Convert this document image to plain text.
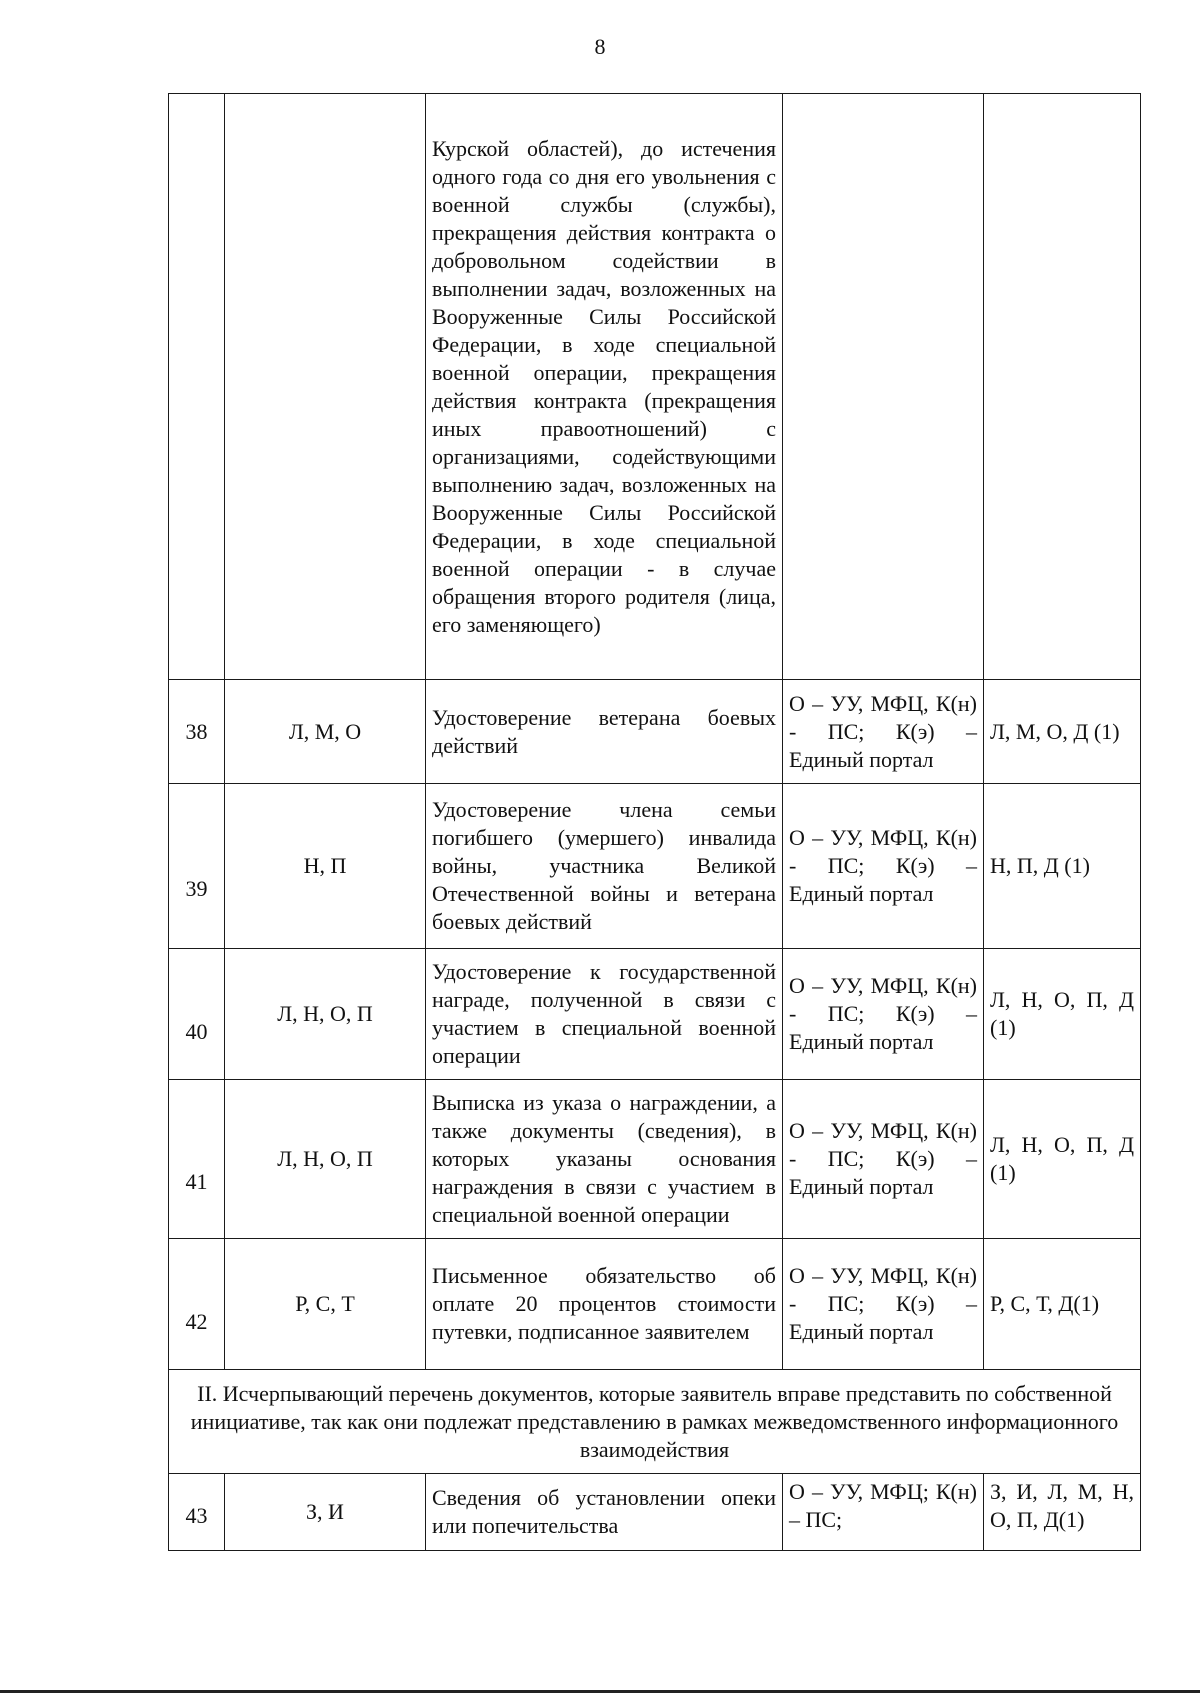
8
		Курской областей), до истечения одного года со дня его увольнения с военной службы (службы), прекращения действия контракта о добровольном содействии в выполнении задач, возложенных на Вооруженные Силы Российской Федерации, в ходе специальной военной операции, прекращения действия контракта (прекращения иных правоотношений) с организациями, содействующими выполнению задач, возложенных на Вооруженные Силы Российской Федерации, в ходе специальной военной операции - в случае обращения второго родителя (лица, его заменяющего)		
38	Л, М, О	Удостоверение ветерана боевых действий	О – УУ, МФЦ, К(н) - ПС; К(э) – Единый портал	Л, М, О, Д (1)
39	Н, П	Удостоверение члена семьи погибшего (умершего) инвалида войны, участника Великой Отечественной войны и ветерана боевых действий	О – УУ, МФЦ, К(н) - ПС; К(э) – Единый портал	Н, П, Д (1)
40	Л, Н, О, П	Удостоверение к государственной награде, полученной в связи с участием в специальной военной операции	О – УУ, МФЦ, К(н) - ПС; К(э) – Единый портал	Л, Н, О, П, Д (1)
41	Л, Н, О, П	Выписка из указа о награждении, а также документы (сведения), в которых указаны основания награждения в связи с участием в специальной военной операции	О – УУ, МФЦ, К(н) - ПС; К(э) – Единый портал	Л, Н, О, П, Д (1)
42	Р, С, Т	Письменное обязательство об оплате 20 процентов стоимости путевки, подписанное заявителем	О – УУ, МФЦ, К(н) - ПС; К(э) – Единый портал	Р, С, Т, Д(1)
II. Исчерпывающий перечень документов, которые заявитель вправе представить по собственной инициативе, так как они подлежат представлению в рамках межведомственного информационного взаимодействия				
43	З, И	Сведения об установлении опеки или попечительства	О – УУ, МФЦ; К(н) – ПС;	З, И, Л, М, Н, О, П, Д(1)
